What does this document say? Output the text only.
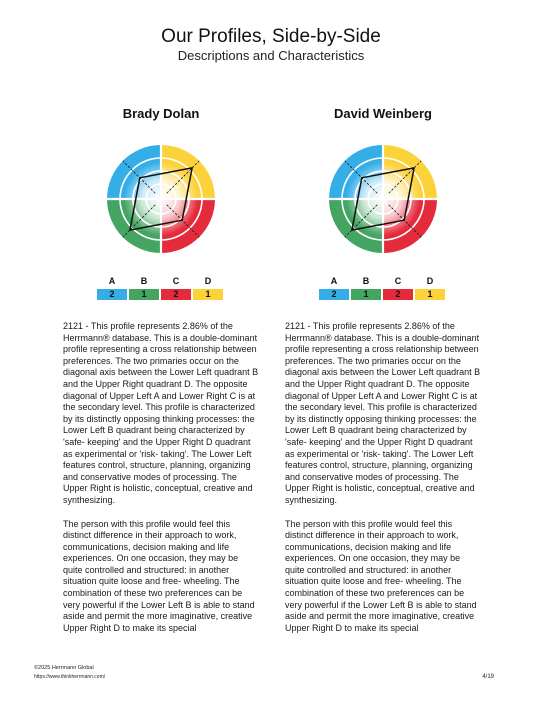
Our Profiles, Side-by-Side
Descriptions and Characteristics
Brady Dolan
A	B	C	D
2	1	2	1

2121 - This profile represents 2.86% of the Herrmann® database. This is a double-dominant profile representing a cross relationship between preferences. The two primaries occur on the diagonal axis between the Lower Left quadrant B and the Upper Right quadrant D. The opposite diagonal of Upper Left A and Lower Right C is at the secondary level. This profile is characterized by its distinctly opposing thinking processes: the Lower Left B quadrant being characterized by 'safe- keeping' and the Upper Right D quadrant as experimental or 'risk- taking'. The Lower Left features control, structure, planning, organizing and conservative modes of processing. The Upper Right is holistic, conceptual, creative and synthesizing.

The person with this profile would feel this distinct difference in their approach to work, communications, decision making and life experiences. On one occasion, they may be quite controlled and structured: in another situation quite loose and free- wheeling. The combination of these two preferences can be very powerful if the Lower Left B is able to stand aside and permit the more imaginative, creative Upper Right D to make its special

David Weinberg
A	B	C	D
2	1	2	1

2121 - This profile represents 2.86% of the Herrmann® database. This is a double-dominant profile representing a cross relationship between preferences. The two primaries occur on the diagonal axis between the Lower Left quadrant B and the Upper Right quadrant D. The opposite diagonal of Upper Left A and Lower Right C is at the secondary level. This profile is characterized by its distinctly opposing thinking processes: the Lower Left B quadrant being characterized by 'safe- keeping' and the Upper Right D quadrant as experimental or 'risk- taking'. The Lower Left features control, structure, planning, organizing and conservative modes of processing. The Upper Right is holistic, conceptual, creative and synthesizing.

The person with this profile would feel this distinct difference in their approach to work, communications, decision making and life experiences. On one occasion, they may be quite controlled and structured: in another situation quite loose and free- wheeling. The combination of these two preferences can be very powerful if the Lower Left B is able to stand aside and permit the more imaginative, creative Upper Right D to make its special

©2025 Herrmann Global
https://www.thinkherrmann.com/	4/19
